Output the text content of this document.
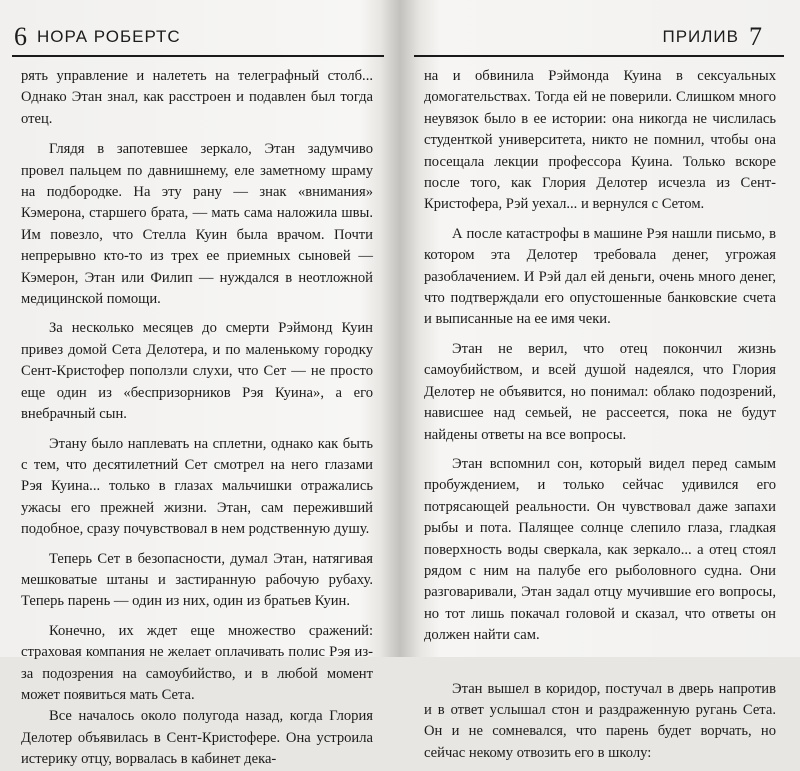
6 НОРА РОБЕРТС

рять управление и налететь на телеграфный столб... Однако Этан знал, как расстроен и подавлен был тогда отец.

Глядя в запотевшее зеркало, Этан задумчиво провел пальцем по давнишнему, еле заметному шраму на подбородке. На эту рану — знак «внимания» Кэмерона, старшего брата, — мать сама наложила швы. Им повезло, что Стелла Куин была врачом. Почти непрерывно кто-то из трех ее приемных сыновей — Кэмерон, Этан или Филип — нуждался в неотложной медицинской помощи.

За несколько месяцев до смерти Рэймонд Куин привез домой Сета Делотера, и по маленькому городку Сент-Кристофер поползли слухи, что Сет — не просто еще один из «беспризорников Рэя Куина», а его внебрачный сын.

Этану было наплевать на сплетни, однако как быть с тем, что десятилетний Сет смотрел на него глазами Рэя Куина... только в глазах мальчишки отражались ужасы его прежней жизни. Этан, сам переживший подобное, сразу почувствовал в нем родственную душу.

Теперь Сет в безопасности, думал Этан, натягивая мешковатые штаны и застиранную рабочую рубаху. Теперь парень — один из них, один из братьев Куин.

Конечно, их ждет еще множество сражений: страховая компания не желает оплачивать полис Рэя из-за подозрения на самоубийство, и в любой момент может появиться мать Сета.

Все началось около полугода назад, когда Глория Делотер объявилась в Сент-Кристофере. Она устроила истерику отцу, ворвалась в кабинет дека-

ПРИЛИВ 7

на и обвинила Рэймонда Куина в сексуальных домогательствах. Тогда ей не поверили. Слишком много неувязок было в ее истории: она никогда не числилась студенткой университета, никто не помнил, чтобы она посещала лекции профессора Куина. Только вскоре после того, как Глория Делотер исчезла из Сент-Кристофера, Рэй уехал... и вернулся с Сетом.

А после катастрофы в машине Рэя нашли письмо, в котором эта Делотер требовала денег, угрожая разоблачением. И Рэй дал ей деньги, очень много денег, что подтверждали его опустошенные банковские счета и выписанные на ее имя чеки.

Этан не верил, что отец покончил жизнь самоубийством, и всей душой надеялся, что Глория Делотер не объявится, но понимал: облако подозрений, нависшее над семьей, не рассеется, пока не будут найдены ответы на все вопросы.

Этан вспомнил сон, который видел перед самым пробуждением, и только сейчас удивился его потрясающей реальности. Он чувствовал даже запахи рыбы и пота. Палящее солнце слепило глаза, гладкая поверхность воды сверкала, как зеркало... а отец стоял рядом с ним на палубе его рыболовного судна. Они разговаривали, Этан задал отцу мучившие его вопросы, но тот лишь покачал головой и сказал, что ответы он должен найти сам.

Этан вышел в коридор, постучал в дверь напротив и в ответ услышал стон и раздраженную ругань Сета. Он и не сомневался, что парень будет ворчать, но сейчас некому отвозить его в школу:
